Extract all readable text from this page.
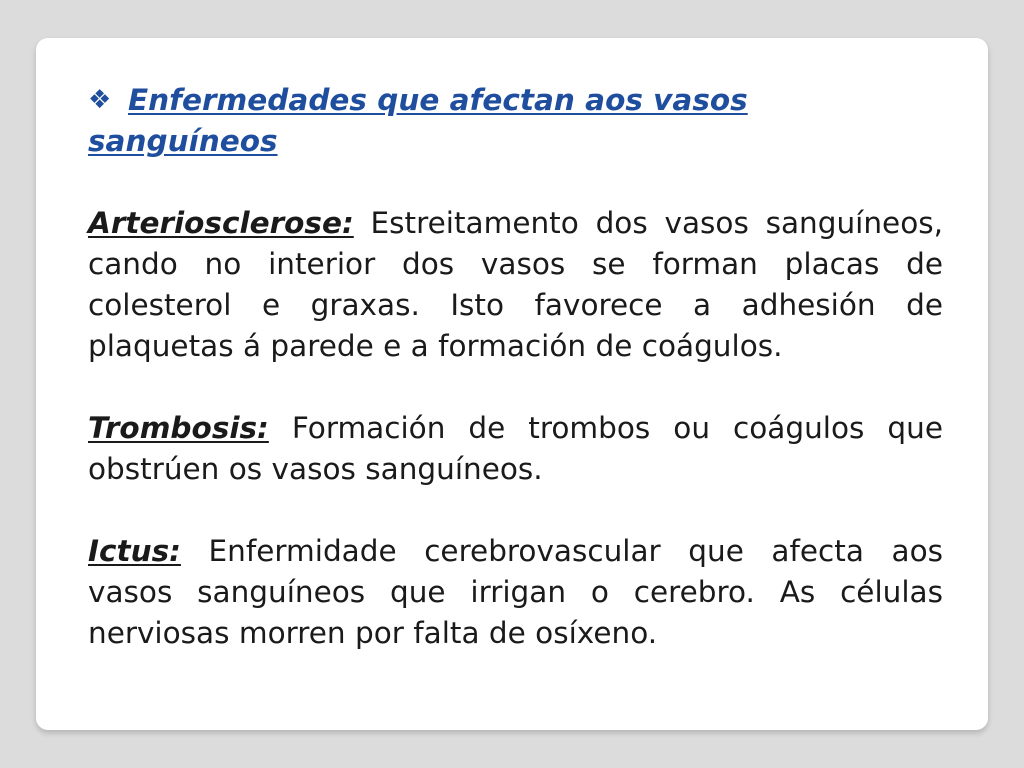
❖ Enfermedades que afectan aos vasos sanguíneos

Arteriosclerose: Estreitamento dos vasos sanguíneos, cando no interior dos vasos se forman placas de colesterol e graxas. Isto favorece a adhesión de plaquetas á parede e a formación de coágulos.

Trombosis: Formación de trombos ou coágulos que obstrúen os vasos sanguíneos.

Ictus: Enfermidade cerebrovascular que afecta aos vasos sanguíneos que irrigan o cerebro. As células nerviosas morren por falta de osíxeno.
